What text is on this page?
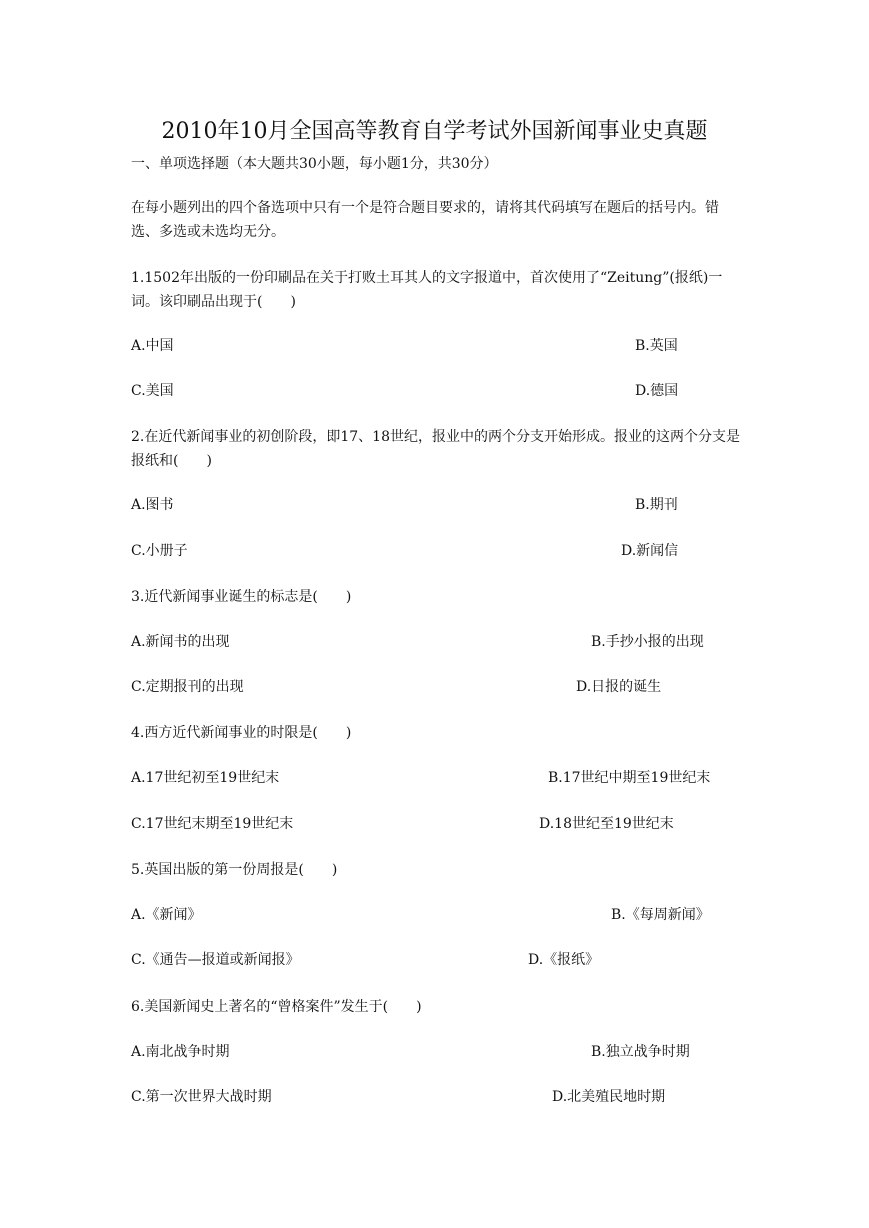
2010年10月全国高等教育自学考试外国新闻事业史真题
一、单项选择题（本大题共30小题，每小题1分，共30分）
在每小题列出的四个备选项中只有一个是符合题目要求的，请将其代码填写在题后的括号内。错选、多选或未选均无分。
1.1502年出版的一份印刷品在关于打败土耳其人的文字报道中，首次使用了“Zeitung”(报纸)一词。该印刷品出现于(　　)
A.中国	B.英国
C.美国	D.德国
2.在近代新闻事业的初创阶段，即17、18世纪，报业中的两个分支开始形成。报业的这两个分支是报纸和(　　)
A.图书	B.期刊
C.小册子	D.新闻信
3.近代新闻事业诞生的标志是(　　)
A.新闻书的出现	B.手抄小报的出现
C.定期报刊的出现	D.日报的诞生
4.西方近代新闻事业的时限是(　　)
A.17世纪初至19世纪末	B.17世纪中期至19世纪末
C.17世纪末期至19世纪末	D.18世纪至19世纪末
5.英国出版的第一份周报是(　　)
A.《新闻》	B.《每周新闻》
C.《通告—报道或新闻报》	D.《报纸》
6.美国新闻史上著名的“曾格案件”发生于(　　)
A.南北战争时期	B.独立战争时期
C.第一次世界大战时期	D.北美殖民地时期
